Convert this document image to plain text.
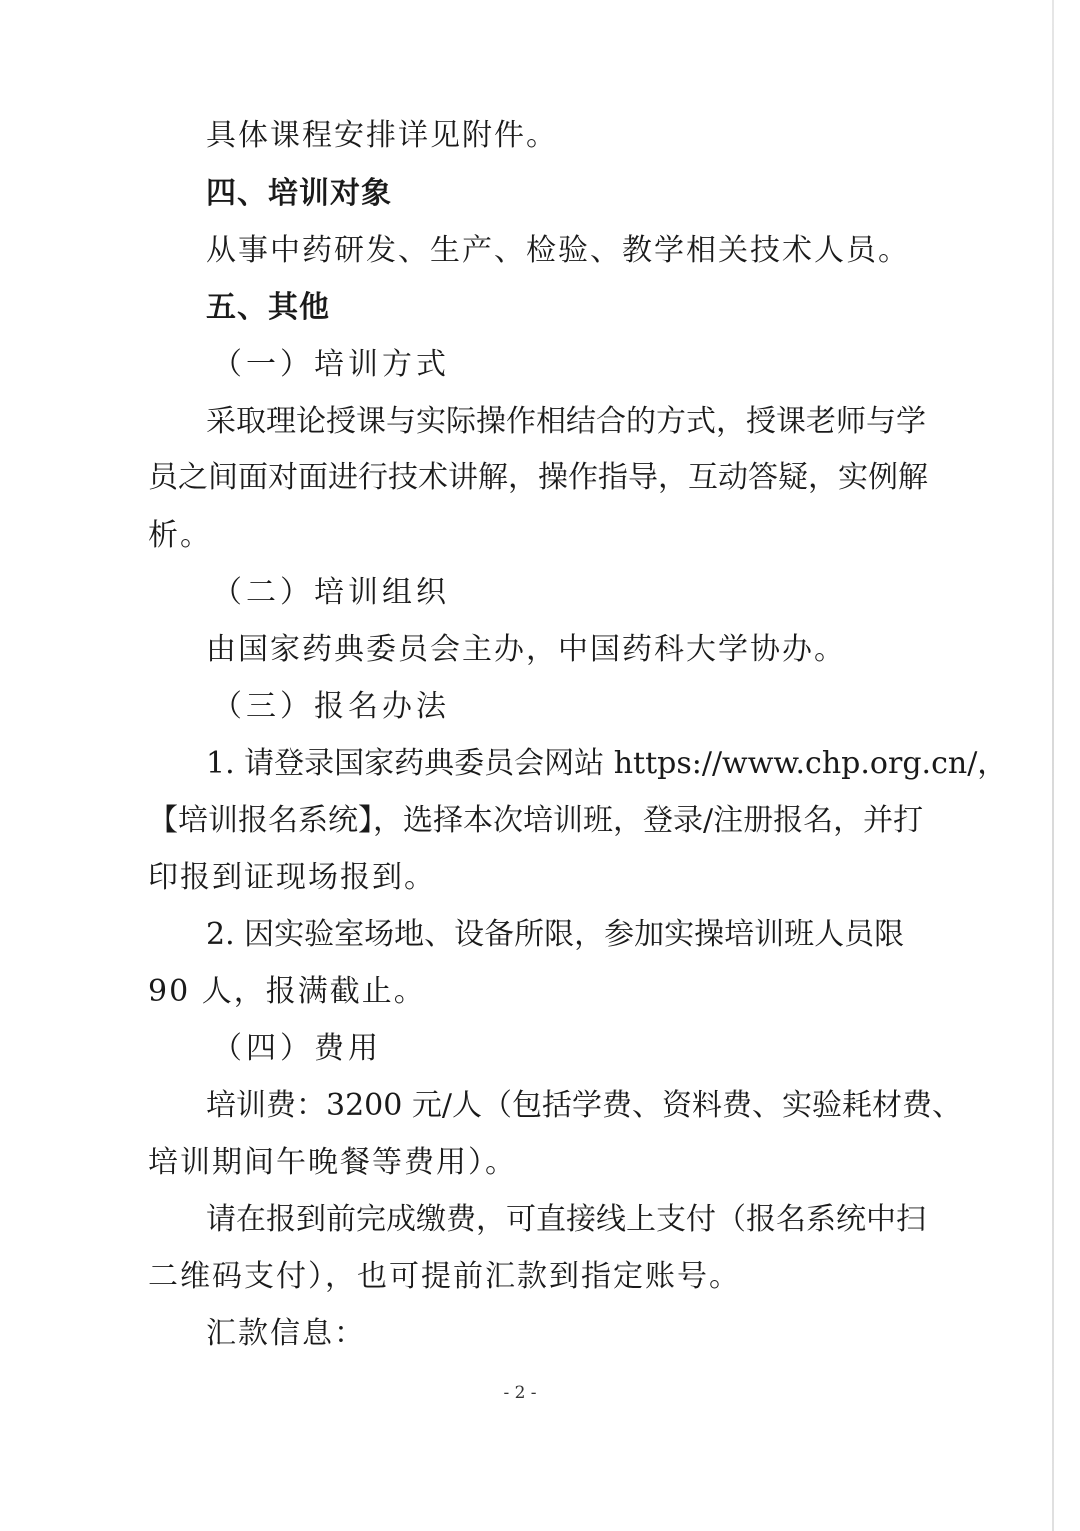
具体课程安排详见附件。
四、培训对象
从事中药研发、生产、检验、教学相关技术人员。
五、其他
（一）培训方式
采取理论授课与实际操作相结合的方式，授课老师与学
员之间面对面进行技术讲解，操作指导，互动答疑，实例解
析。
（二）培训组织
由国家药典委员会主办，中国药科大学协办。
（三）报名办法
1. 请登录国家药典委员会网站 https://www.chp.org.cn/，
【培训报名系统】，选择本次培训班，登录/注册报名，并打
印报到证现场报到。
2. 因实验室场地、设备所限，参加实操培训班人员限
90 人，报满截止。
（四）费用
培训费：3200 元/人（包括学费、资料费、实验耗材费、
培训期间午晚餐等费用）。
请在报到前完成缴费，可直接线上支付（报名系统中扫
二维码支付），也可提前汇款到指定账号。
汇款信息：
- 2 -
